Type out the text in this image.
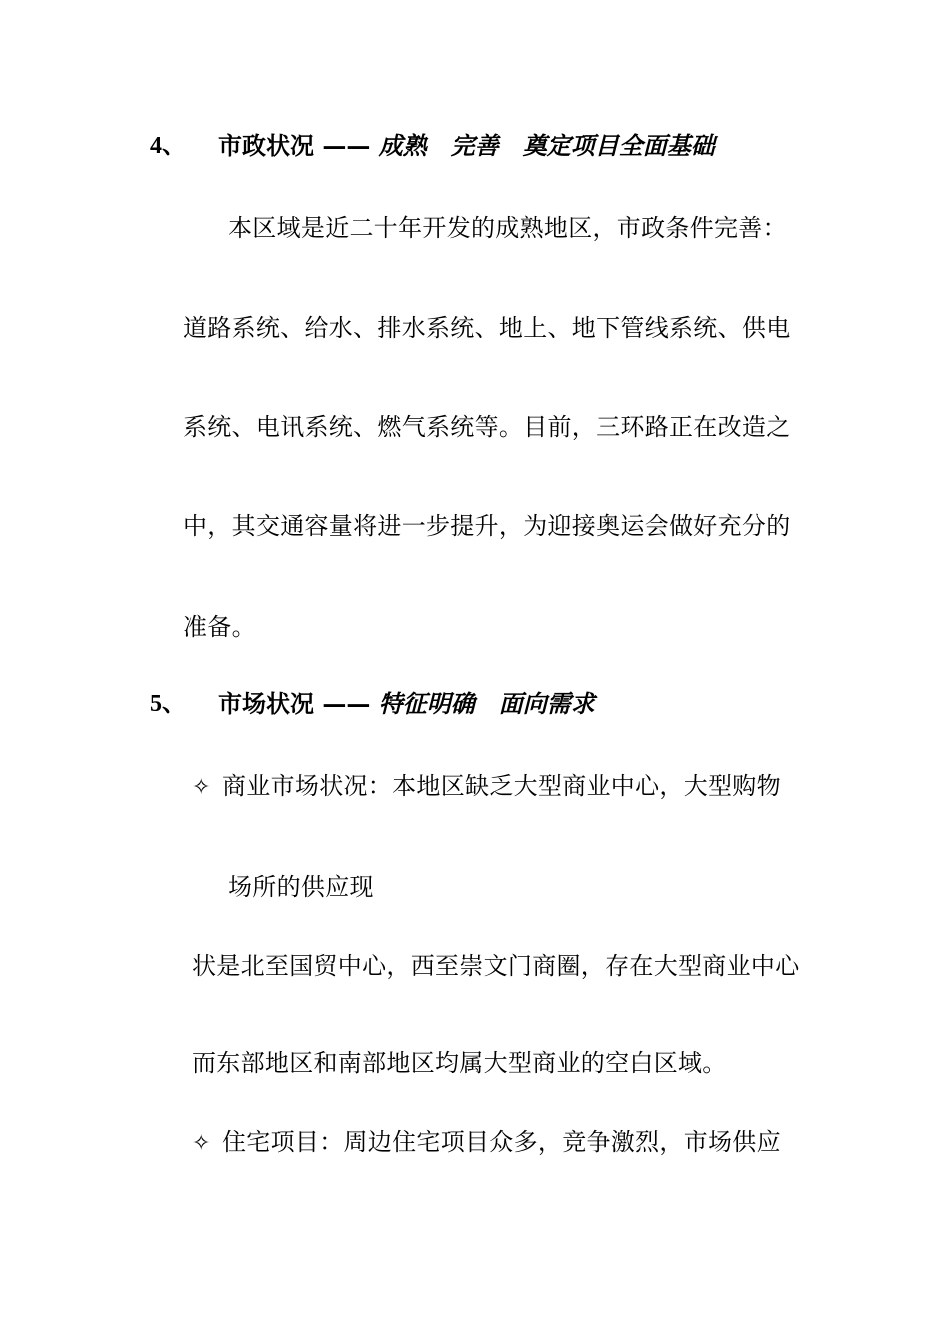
4、 市政状况 —— 成熟　完善　奠定项目全面基础
本区域是近二十年开发的成熟地区，市政条件完善：
道路系统、给水、排水系统、地上、地下管线系统、供电
系统、电讯系统、燃气系统等。目前，三环路正在改造之
中，其交通容量将进一步提升，为迎接奥运会做好充分的
准备。
5、 市场状况 —— 特征明确　面向需求
✧ 商业市场状况：本地区缺乏大型商业中心，大型购物
场所的供应现
状是北至国贸中心，西至崇文门商圈，存在大型商业中心
而东部地区和南部地区均属大型商业的空白区域。
✧ 住宅项目：周边住宅项目众多，竞争激烈，市场供应
